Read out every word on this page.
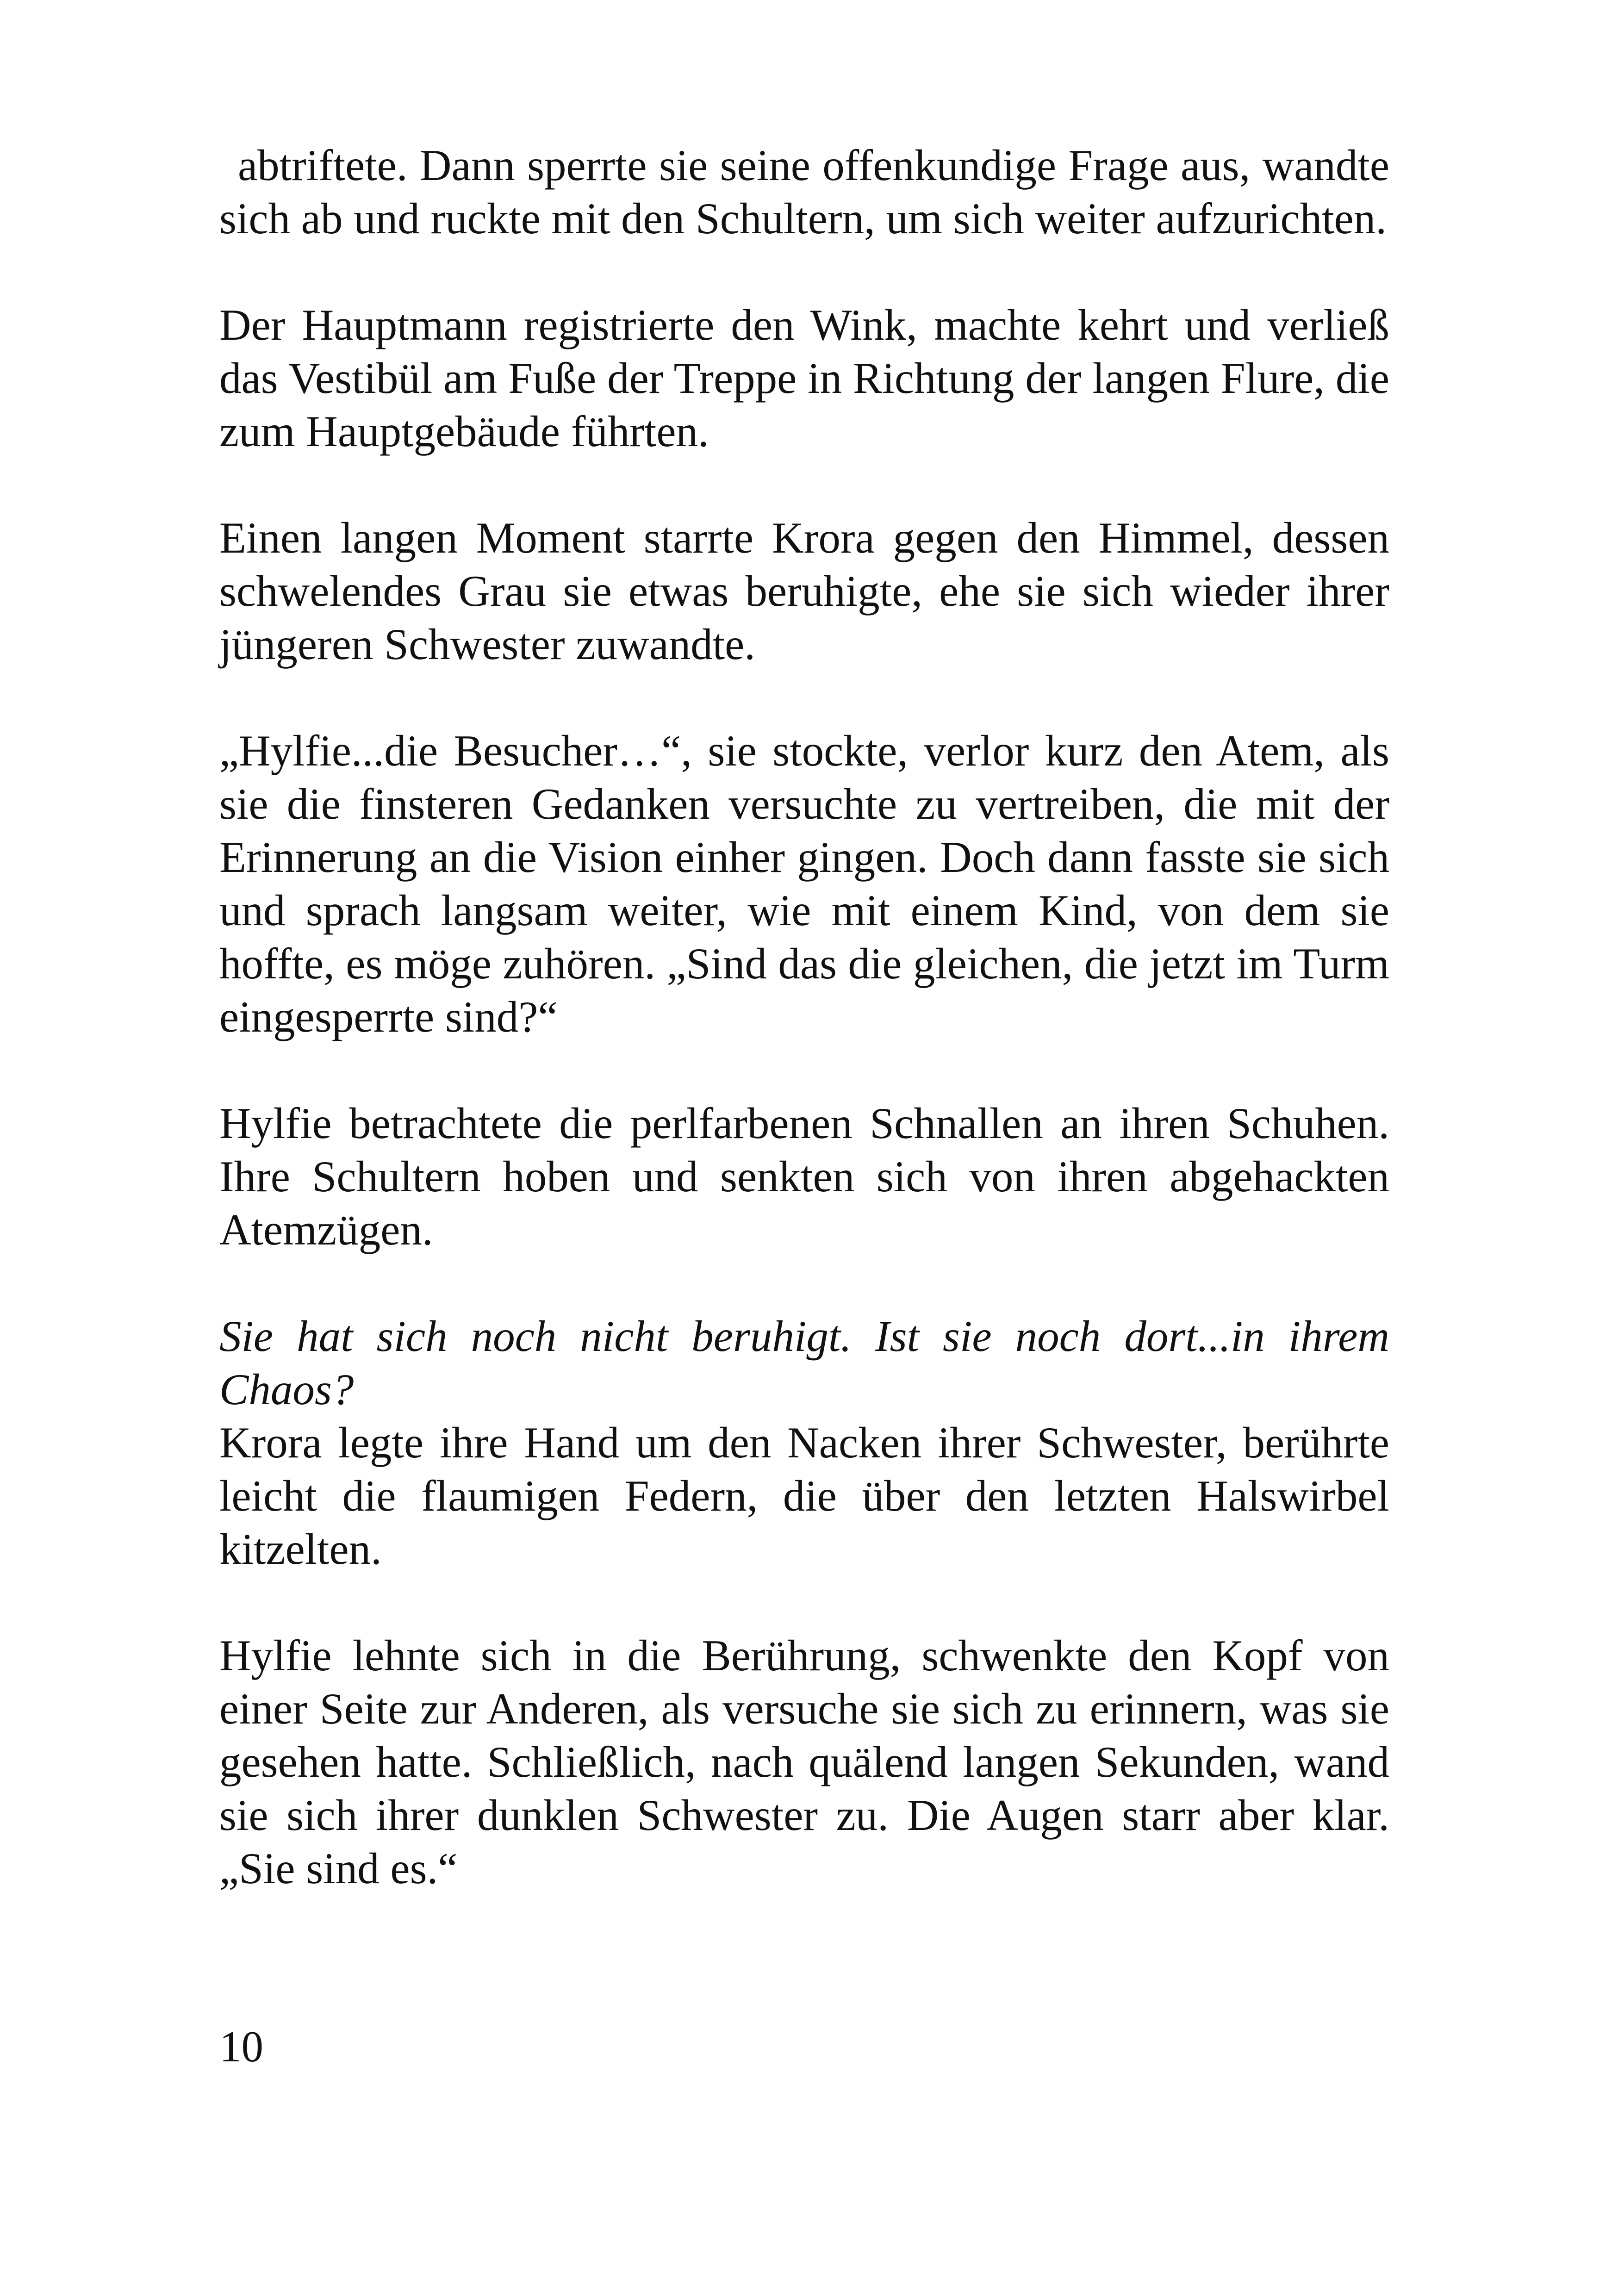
abtriftete. Dann sperrte sie seine offenkundige Frage aus, wandte sich ab und ruckte mit den Schultern, um sich weiter aufzurichten.

Der Hauptmann registrierte den Wink, machte kehrt und verließ das Vestibül am Fuße der Treppe in Richtung der langen Flure, die zum Hauptgebäude führten.

Einen langen Moment starrte Krora gegen den Himmel, dessen schwelendes Grau sie etwas beruhigte, ehe sie sich wieder ihrer jüngeren Schwester zuwandte.

„Hylfie...die Besucher…“, sie stockte, verlor kurz den Atem, als sie die finsteren Gedanken versuchte zu vertreiben, die mit der Erinnerung an die Vision einher gingen. Doch dann fasste sie sich und sprach langsam weiter, wie mit einem Kind, von dem sie hoffte, es möge zuhören. „Sind das die gleichen, die jetzt im Turm eingesperrte sind?“

Hylfie betrachtete die perlfarbenen Schnallen an ihren Schuhen. Ihre Schultern hoben und senkten sich von ihren abgehackten Atemzügen.

Sie hat sich noch nicht beruhigt. Ist sie noch dort...in ihrem Chaos?

Krora legte ihre Hand um den Nacken ihrer Schwester, berührte leicht die flaumigen Federn, die über den letzten Halswirbel kitzelten.

Hylfie lehnte sich in die Berührung, schwenkte den Kopf von einer Seite zur Anderen, als versuche sie sich zu erinnern, was sie gesehen hatte. Schließlich, nach quälend langen Sekunden, wand sie sich ihrer dunklen Schwester zu. Die Augen starr aber klar. „Sie sind es.“

10
